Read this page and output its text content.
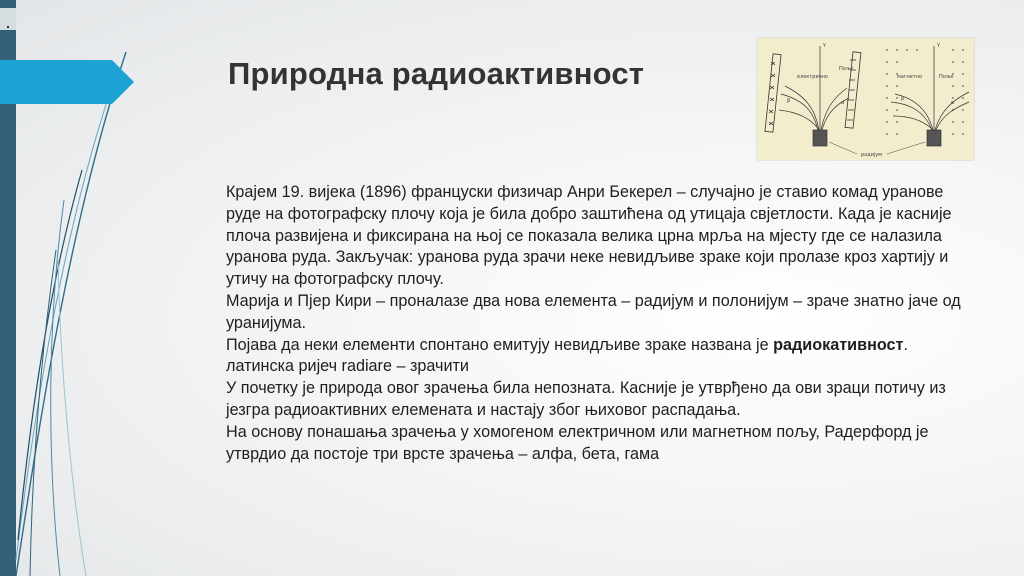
Природна радиоактивност
γ
β	α
електрично
Поље
γ
β
α
магнетно	Поље
радијум

Крајем 19. вијека (1896) француски физичар Анри Бекерел – случајно је ставио комад уранове руде на фотографску плочу која је била добро заштићена од утицаја свјетлости. Када је касније плоча развијена и фиксирана на њој се показала велика црна мрља на мјесту где се налазила уранова руда. Закључак: уранова руда зрачи неке невидљиве зраке који пролазе кроз хартију и утичу на фотографску плочу.

Марија и Пјер Кири – проналазе два нова елемента – радијум и полонијум – зраче знатно јаче од уранијума.

Појава да неки елементи спонтано емитују невидљиве зраке названа је радиокативност.

латинска ријеч radiare – зрачити

У почетку је природа овог зрачења била непозната. Касније је утврђено да ови зраци потичу из језгра радиоактивних елемената и настају због њиховог распадања.

На основу понашања зрачења у хомогеном електричном или магнетном пољу, Радерфорд је утврдио да постоје три врсте зрачења – алфа, бета, гама
